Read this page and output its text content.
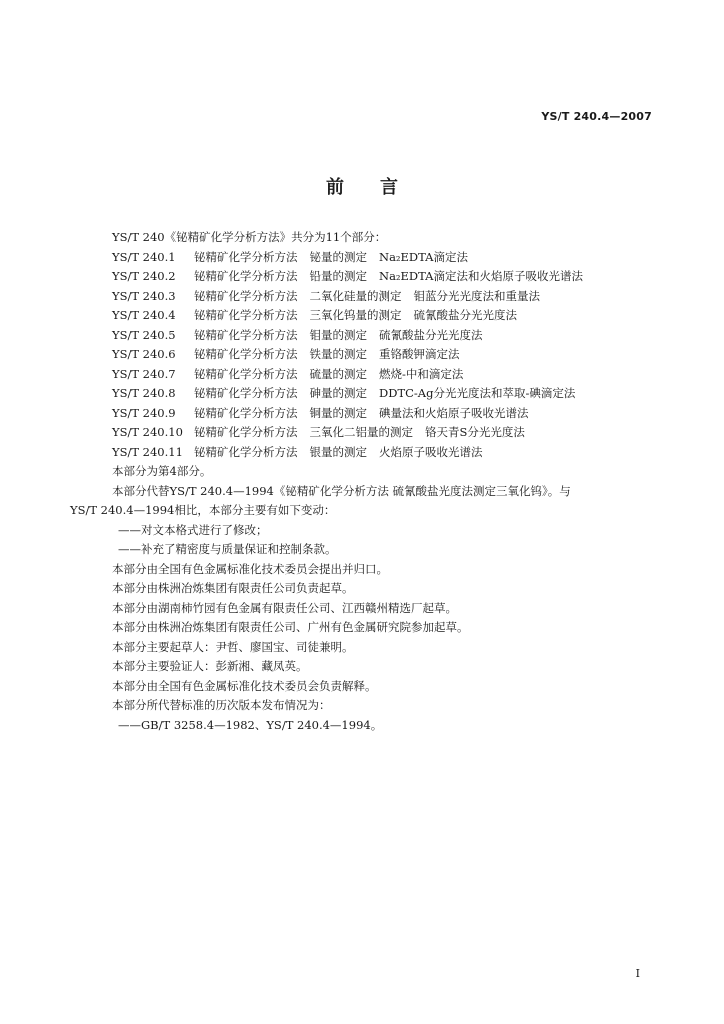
YS/T 240.4—2007
前言
YS/T 240《铋精矿化学分析方法》共分为11个部分：
YS/T 240.1 铋精矿化学分析方法 铋量的测定 Na₂EDTA滴定法
YS/T 240.2 铋精矿化学分析方法 铅量的测定 Na₂EDTA滴定法和火焰原子吸收光谱法
YS/T 240.3 铋精矿化学分析方法 二氧化硅量的测定 钼蓝分光光度法和重量法
YS/T 240.4 铋精矿化学分析方法 三氧化钨量的测定 硫氰酸盐分光光度法
YS/T 240.5 铋精矿化学分析方法 钼量的测定 硫氰酸盐分光光度法
YS/T 240.6 铋精矿化学分析方法 铁量的测定 重铬酸钾滴定法
YS/T 240.7 铋精矿化学分析方法 硫量的测定 燃烧-中和滴定法
YS/T 240.8 铋精矿化学分析方法 砷量的测定 DDTC-Ag分光光度法和萃取-碘滴定法
YS/T 240.9 铋精矿化学分析方法 铜量的测定 碘量法和火焰原子吸收光谱法
YS/T 240.10 铋精矿化学分析方法 三氧化二铝量的测定 铬天青S分光光度法
YS/T 240.11 铋精矿化学分析方法 银量的测定 火焰原子吸收光谱法
本部分为第4部分。
本部分代替YS/T 240.4—1994《铋精矿化学分析方法 硫氰酸盐光度法测定三氧化钨》。与
YS/T 240.4—1994相比，本部分主要有如下变动：
——对文本格式进行了修改；
——补充了精密度与质量保证和控制条款。
本部分由全国有色金属标准化技术委员会提出并归口。
本部分由株洲冶炼集团有限责任公司负责起草。
本部分由湖南柿竹园有色金属有限责任公司、江西赣州精选厂起草。
本部分由株洲冶炼集团有限责任公司、广州有色金属研究院参加起草。
本部分主要起草人：尹哲、廖国宝、司徒兼明。
本部分主要验证人：彭新湘、藏凤英。
本部分由全国有色金属标准化技术委员会负责解释。
本部分所代替标准的历次版本发布情况为：
——GB/T 3258.4—1982、YS/T 240.4—1994。
I
